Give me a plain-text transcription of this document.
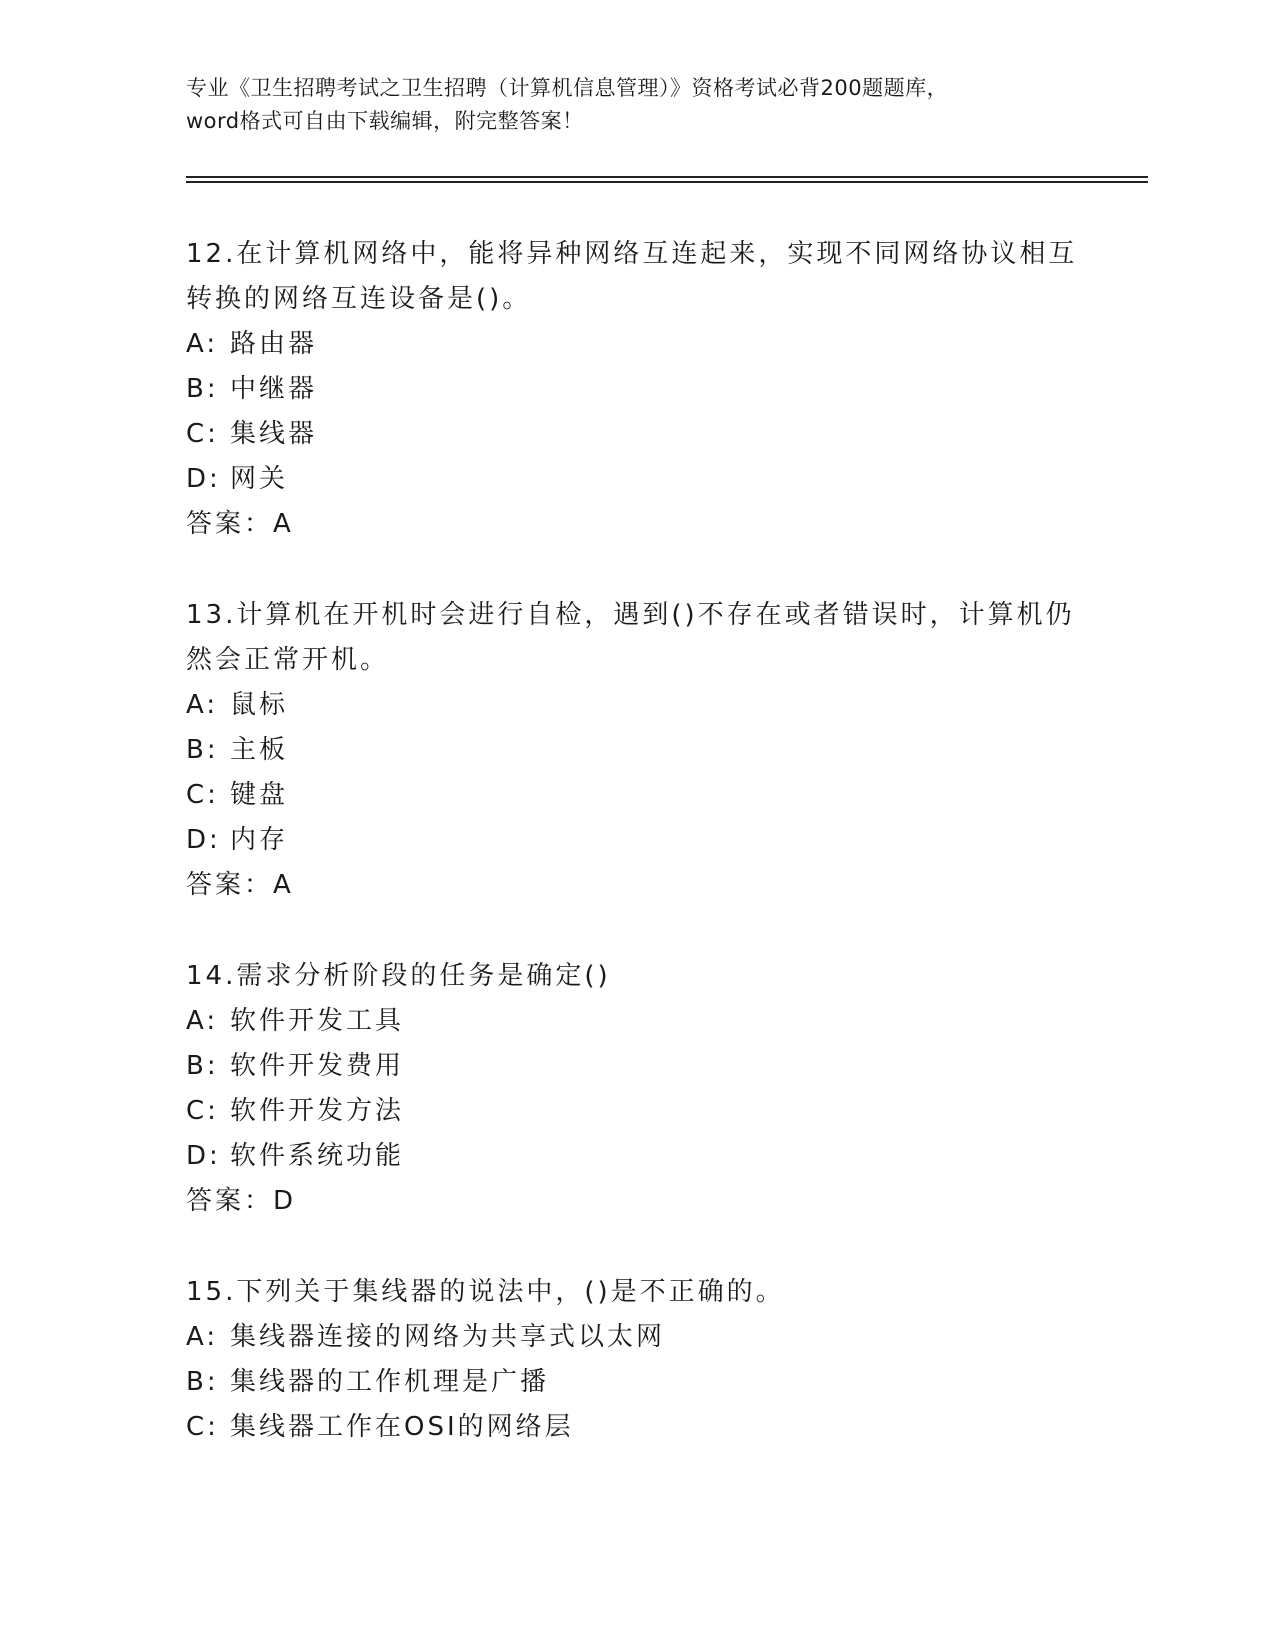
专业《卫生招聘考试之卫生招聘（计算机信息管理）》资格考试必背200题题库，
word格式可自由下载编辑，附完整答案！
12.在计算机网络中，能将异种网络互连起来，实现不同网络协议相互
转换的网络互连设备是()。
A: 路由器
B: 中继器
C: 集线器
D: 网关
答案：A
13.计算机在开机时会进行自检，遇到()不存在或者错误时，计算机仍
然会正常开机。
A: 鼠标
B: 主板
C: 键盘
D: 内存
答案：A
14.需求分析阶段的任务是确定()
A: 软件开发工具
B: 软件开发费用
C: 软件开发方法
D: 软件系统功能
答案：D
15.下列关于集线器的说法中，()是不正确的。
A: 集线器连接的网络为共享式以太网
B: 集线器的工作机理是广播
C: 集线器工作在OSI的网络层
